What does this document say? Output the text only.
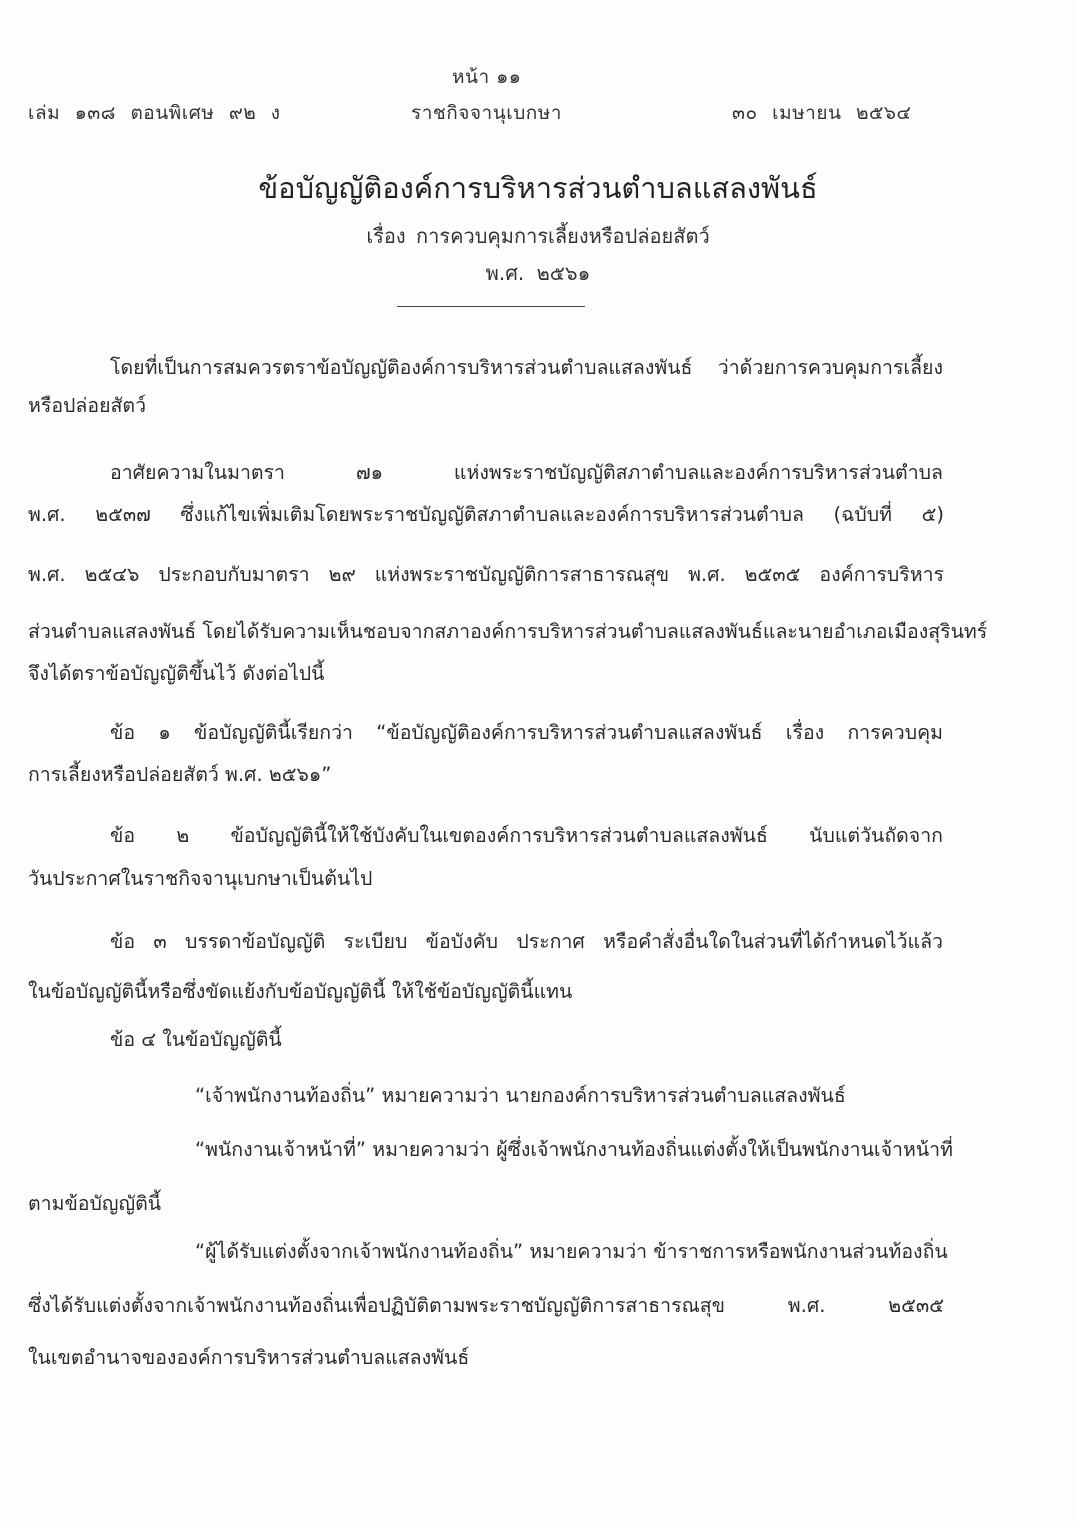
หน้า ๑๑
เล่ม ๑๓๘ ตอนพิเศษ ๙๒ ง	ราชกิจจานุเบกษา	๓๐ เมษายน ๒๕๖๔
ข้อบัญญัติองค์การบริหารส่วนตำบลแสลงพันธ์
เรื่อง การควบคุมการเลี้ยงหรือปล่อยสัตว์
พ.ศ. ๒๕๖๑
โดยที่เป็นการสมควรตราข้อบัญญัติองค์การบริหารส่วนตำบลแสลงพันธ์ ว่าด้วยการควบคุมการเลี้ยง
หรือปล่อยสัตว์
อาศัยความในมาตรา ๗๑ แห่งพระราชบัญญัติสภาตำบลและองค์การบริหารส่วนตำบล
พ.ศ. ๒๕๓๗ ซึ่งแก้ไขเพิ่มเติมโดยพระราชบัญญัติสภาตำบลและองค์การบริหารส่วนตำบล (ฉบับที่ ๕)
พ.ศ. ๒๕๔๖ ประกอบกับมาตรา ๒๙ แห่งพระราชบัญญัติการสาธารณสุข พ.ศ. ๒๕๓๕ องค์การบริหาร
ส่วนตำบลแสลงพันธ์ โดยได้รับความเห็นชอบจากสภาองค์การบริหารส่วนตำบลแสลงพันธ์และนายอำเภอเมืองสุรินทร์
จึงได้ตราข้อบัญญัติขึ้นไว้ ดังต่อไปนี้
ข้อ ๑ ข้อบัญญัตินี้เรียกว่า “ข้อบัญญัติองค์การบริหารส่วนตำบลแสลงพันธ์ เรื่อง การควบคุม
การเลี้ยงหรือปล่อยสัตว์ พ.ศ. ๒๕๖๑”
ข้อ ๒ ข้อบัญญัตินี้ให้ใช้บังคับในเขตองค์การบริหารส่วนตำบลแสลงพันธ์ นับแต่วันถัดจาก
วันประกาศในราชกิจจานุเบกษาเป็นต้นไป
ข้อ ๓ บรรดาข้อบัญญัติ ระเบียบ ข้อบังคับ ประกาศ หรือคำสั่งอื่นใดในส่วนที่ได้กำหนดไว้แล้ว
ในข้อบัญญัตินี้หรือซึ่งขัดแย้งกับข้อบัญญัตินี้ ให้ใช้ข้อบัญญัตินี้แทน
ข้อ ๔ ในข้อบัญญัตินี้
“เจ้าพนักงานท้องถิ่น” หมายความว่า นายกองค์การบริหารส่วนตำบลแสลงพันธ์
“พนักงานเจ้าหน้าที่” หมายความว่า ผู้ซึ่งเจ้าพนักงานท้องถิ่นแต่งตั้งให้เป็นพนักงานเจ้าหน้าที่
ตามข้อบัญญัตินี้
“ผู้ได้รับแต่งตั้งจากเจ้าพนักงานท้องถิ่น” หมายความว่า ข้าราชการหรือพนักงานส่วนท้องถิ่น
ซึ่งได้รับแต่งตั้งจากเจ้าพนักงานท้องถิ่นเพื่อปฏิบัติตามพระราชบัญญัติการสาธารณสุข พ.ศ. ๒๕๓๕
ในเขตอำนาจขององค์การบริหารส่วนตำบลแสลงพันธ์
